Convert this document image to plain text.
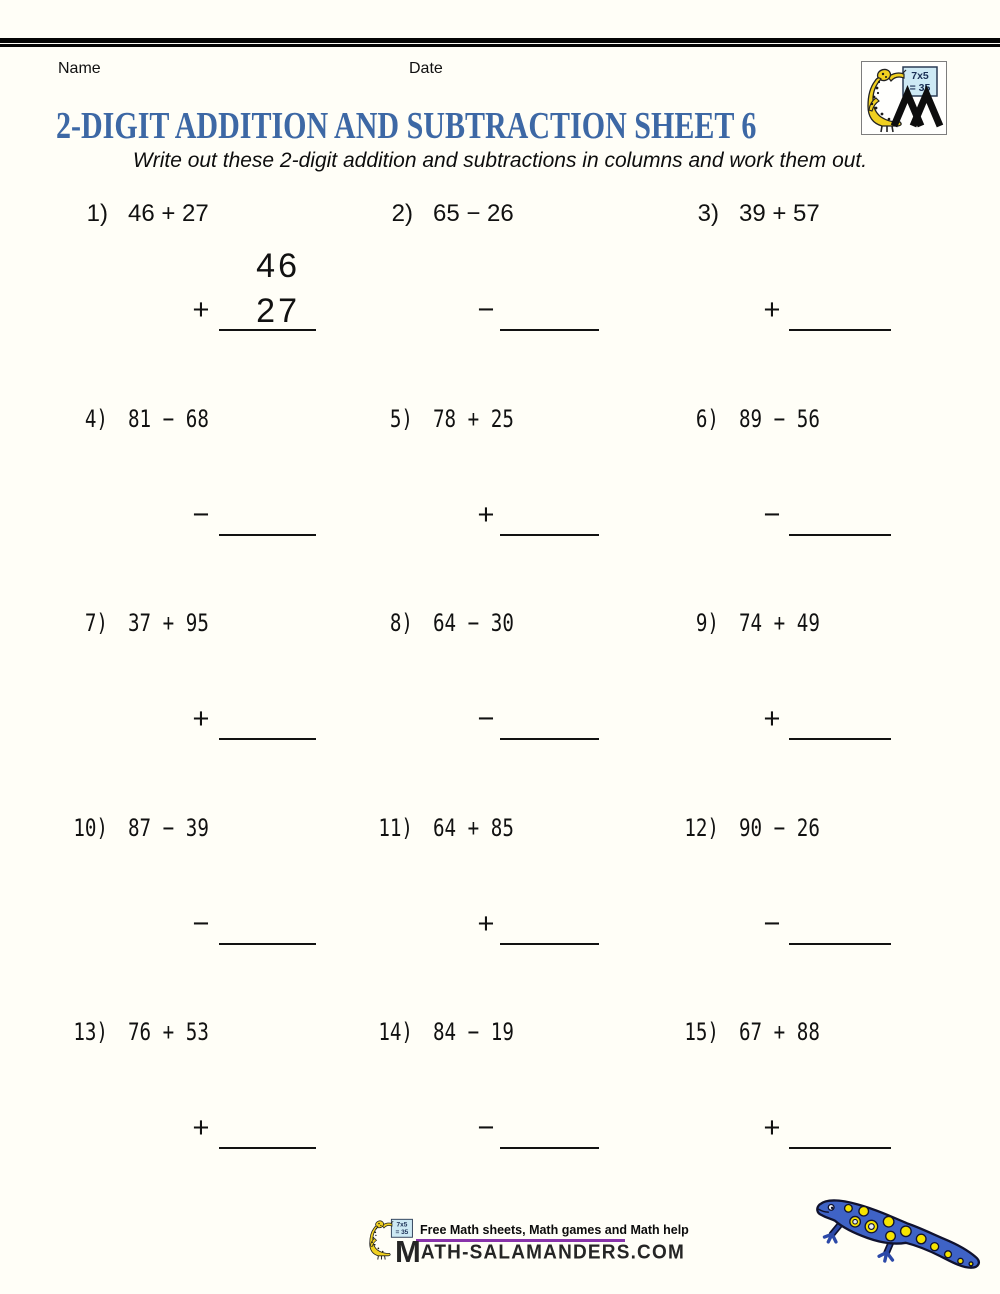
Name	Date
2-DIGIT ADDITION AND SUBTRACTION SHEET 6
Write out these 2-digit addition and subtractions in columns and work them out.
1) 46 + 27
46
27
+
2) 65 − 26
−
3) 39 + 57
+
4) 81 − 68
−
5) 78 + 25
+
6) 89 − 56
−
7) 37 + 95
+
8) 64 − 30
−
9) 74 + 49
+
10) 87 − 39
−
11) 64 + 85
+
12) 90 − 26
−
13) 76 + 53
+
14) 84 − 19
−
15) 67 + 88
+
Free Math sheets, Math games and Math help
MATH-SALAMANDERS.COM
